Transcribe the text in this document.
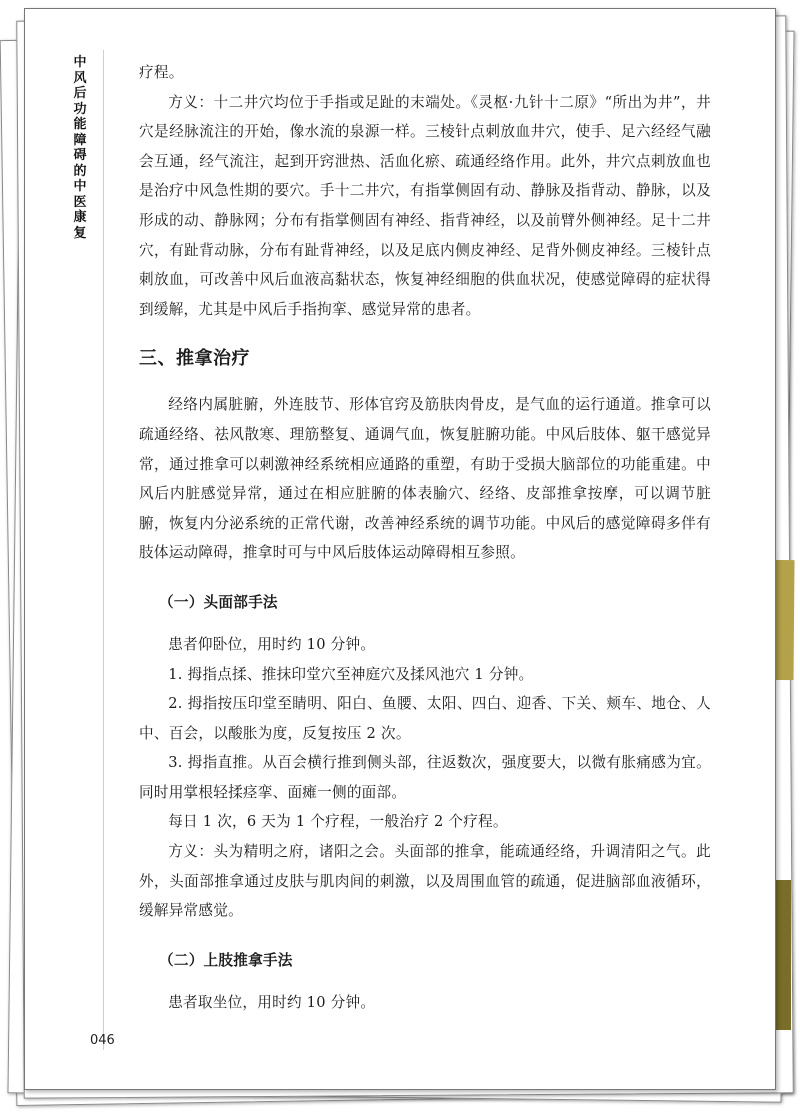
中风后功能障碍的中医康复

疗程。

方义：十二井穴均位于手指或足趾的末端处。《灵枢·九针十二原》“所出为井”，井穴是经脉流注的开始，像水流的泉源一样。三棱针点刺放血井穴，使手、足六经经气融会互通，经气流注，起到开窍泄热、活血化瘀、疏通经络作用。此外，井穴点刺放血也是治疗中风急性期的要穴。手十二井穴，有指掌侧固有动、静脉及指背动、静脉，以及形成的动、静脉网；分布有指掌侧固有神经、指背神经，以及前臂外侧神经。足十二井穴，有趾背动脉，分布有趾背神经，以及足底内侧皮神经、足背外侧皮神经。三棱针点刺放血，可改善中风后血液高黏状态，恢复神经细胞的供血状况，使感觉障碍的症状得到缓解，尤其是中风后手指拘挛、感觉异常的患者。

三、推拿治疗

经络内属脏腑，外连肢节、形体官窍及筋肤肉骨皮，是气血的运行通道。推拿可以疏通经络、祛风散寒、理筋整复、通调气血，恢复脏腑功能。中风后肢体、躯干感觉异常，通过推拿可以刺激神经系统相应通路的重塑，有助于受损大脑部位的功能重建。中风后内脏感觉异常，通过在相应脏腑的体表腧穴、经络、皮部推拿按摩，可以调节脏腑，恢复内分泌系统的正常代谢，改善神经系统的调节功能。中风后的感觉障碍多伴有肢体运动障碍，推拿时可与中风后肢体运动障碍相互参照。

（一）头面部手法

患者仰卧位，用时约 10 分钟。

1. 拇指点揉、推抹印堂穴至神庭穴及揉风池穴 1 分钟。

2. 拇指按压印堂至睛明、阳白、鱼腰、太阳、四白、迎香、下关、颊车、地仓、人中、百会，以酸胀为度，反复按压 2 次。

3. 拇指直推。从百会横行推到侧头部，往返数次，强度要大，以微有胀痛感为宜。同时用掌根轻揉痉挛、面瘫一侧的面部。

每日 1 次，6 天为 1 个疗程，一般治疗 2 个疗程。

方义：头为精明之府，诸阳之会。头面部的推拿，能疏通经络，升调清阳之气。此外，头面部推拿通过皮肤与肌肉间的刺激，以及周围血管的疏通，促进脑部血液循环，缓解异常感觉。

（二）上肢推拿手法

患者取坐位，用时约 10 分钟。

046
